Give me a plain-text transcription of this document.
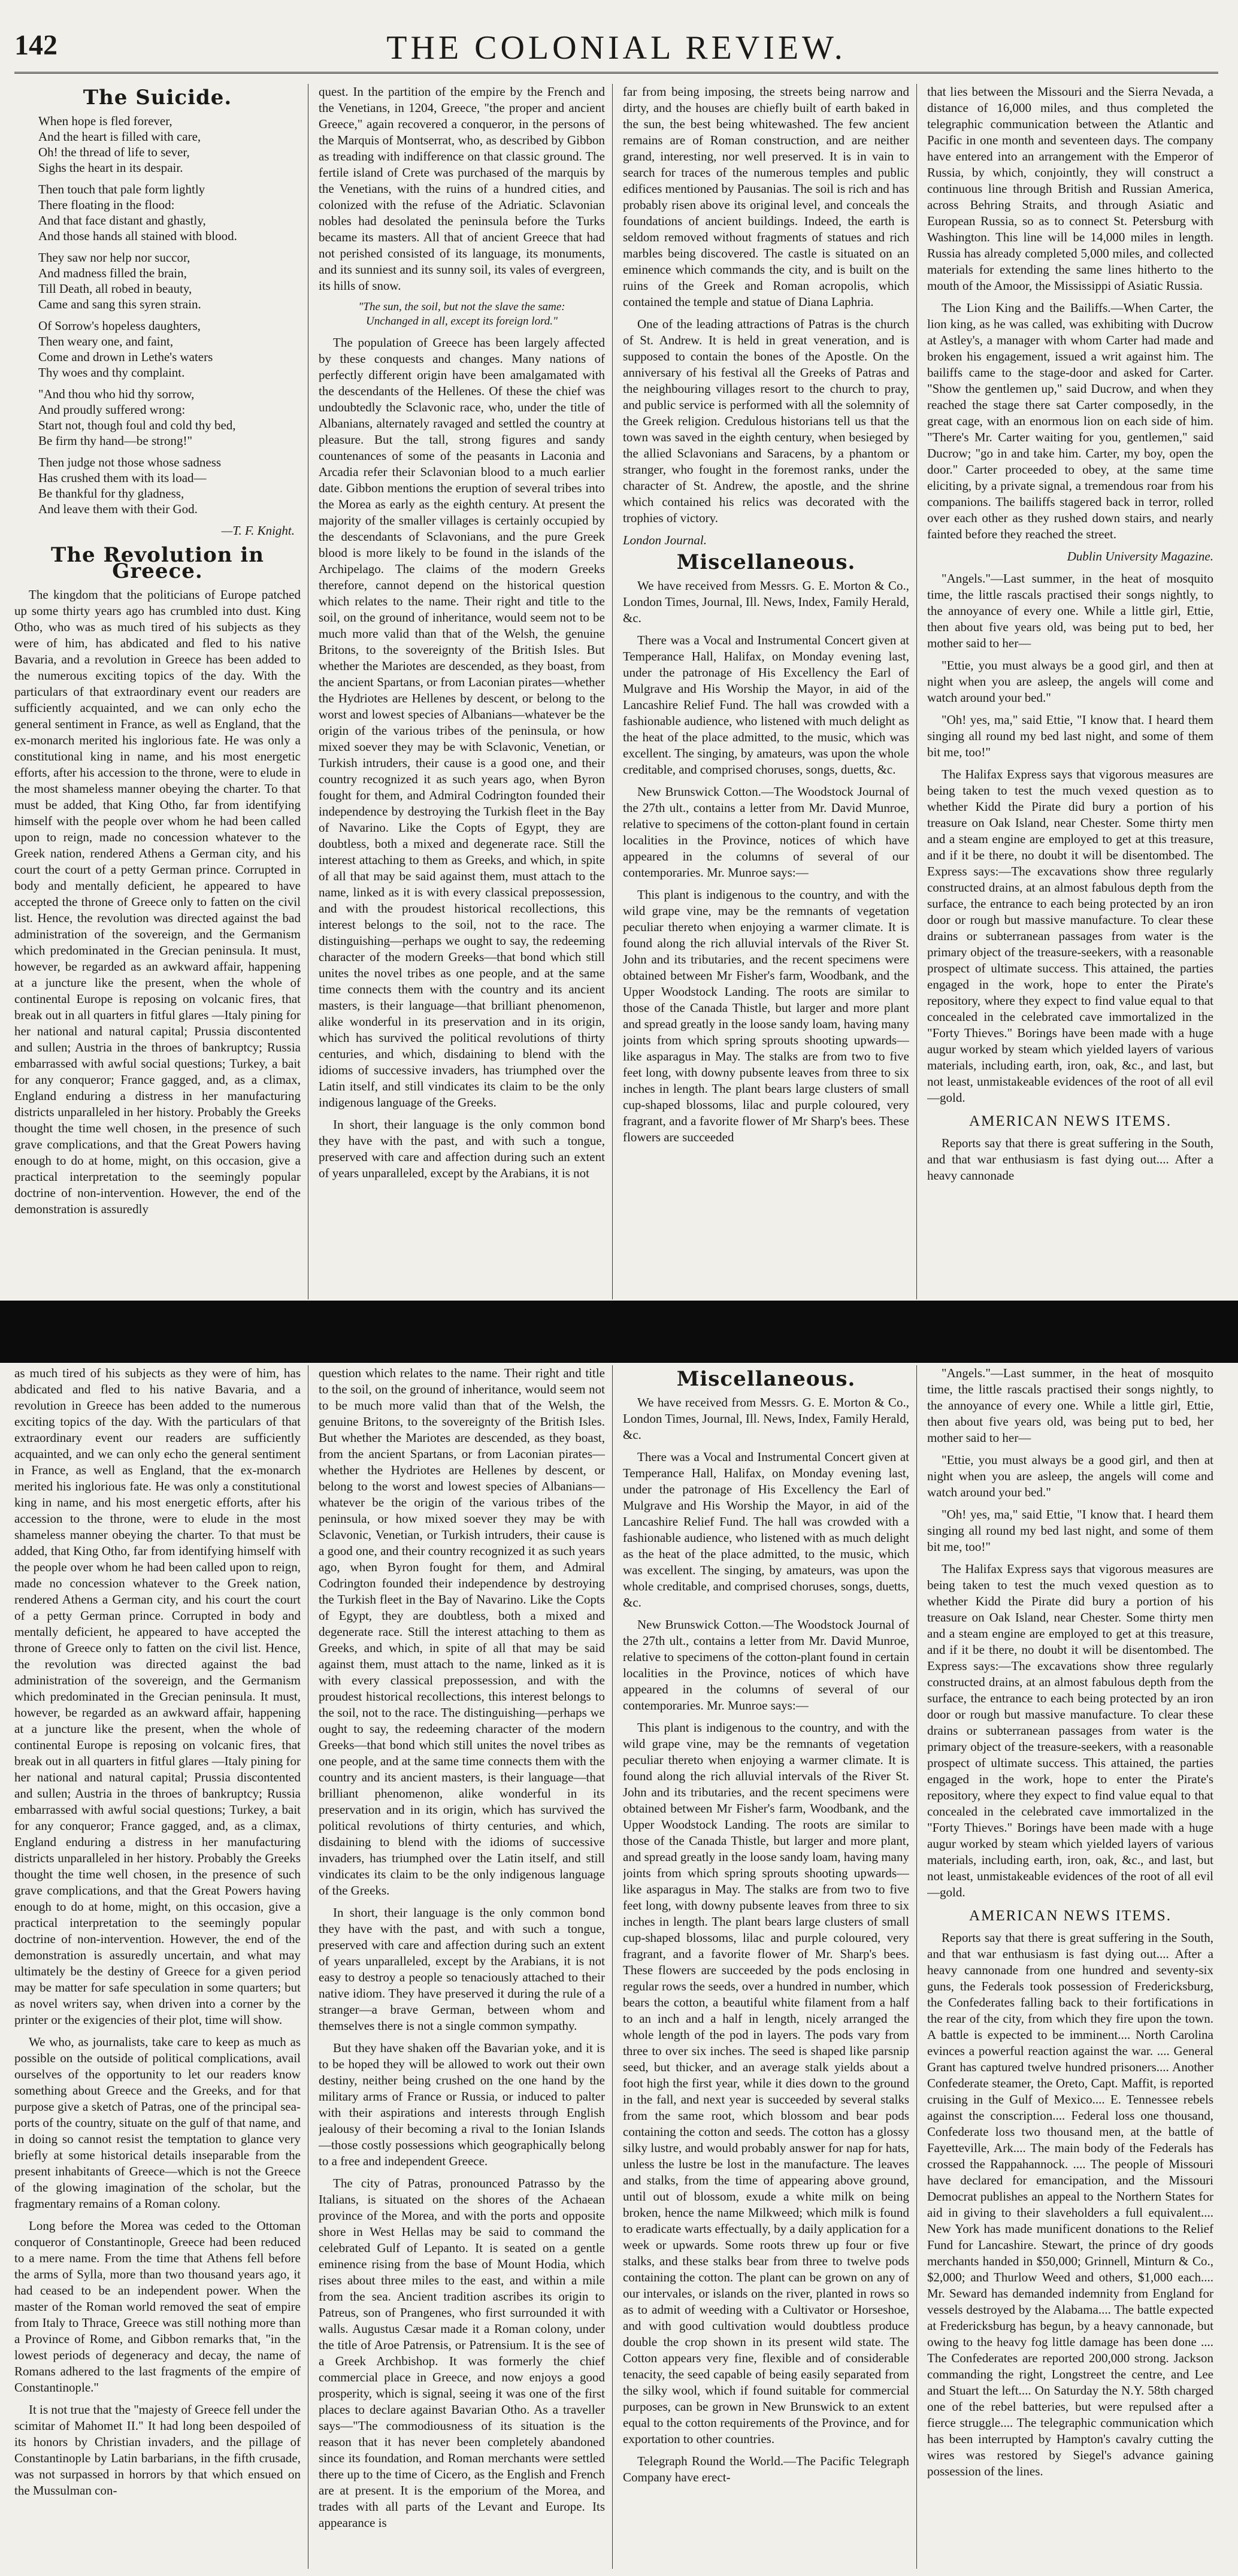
142	THE COLONIAL REVIEW.
The Suicide.
When hope is fled forever,
And the heart is filled with care,
Oh! the thread of life to sever,
Sighs the heart in its despair.
Then touch that pale form lightly
There floating in the flood:
And that face distant and ghastly,
And those hands all stained with blood.
They saw nor help nor succor,
And madness filled the brain,
Till Death, all robed in beauty,
Came and sang this syren strain.
Of Sorrow's hopeless daughters,
Then weary one, and faint,
Come and drown in Lethe's waters
Thy woes and thy complaint.
"And thou who hid thy sorrow,
And proudly suffered wrong:
Start not, though foul and cold thy bed,
Be firm thy hand—be strong!"
Then judge not those whose sadness
Has crushed them with its load—
Be thankful for thy gladness,
And leave them with their God.
—T. F. Knight.
The Revolution in Greece.

The kingdom that the politicians of Europe patched up some thirty years ago has crumbled into dust. King Otho, who was as much tired of his subjects as they were of him, has abdicated and fled to his native Bavaria, and a revolution in Greece has been added to the numerous exciting topics of the day. With the particulars of that extraordinary event our readers are sufficiently acquainted, and we can only echo the general sentiment in France, as well as England, that the ex-monarch merited his inglorious fate. He was only a constitutional king in name, and his most energetic efforts, after his accession to the throne, were to elude in the most shameless manner obeying the charter. To that must be added, that King Otho, far from identifying himself with the people over whom he had been called upon to reign, made no concession whatever to the Greek nation, rendered Athens a German city, and his court the court of a petty German prince. Corrupted in body and mentally deficient, he appeared to have accepted the throne of Greece only to fatten on the civil list. Hence, the revolution was directed against the bad administration of the sovereign, and the Germanism which predominated in the Grecian peninsula. It must, however, be regarded as an awkward affair, happening at a juncture like the present, when the whole of continental Europe is reposing on volcanic fires, that break out in all quarters in fitful glares —Italy pining for her national and natural capital; Prussia discontented and sullen; Austria in the throes of bankruptcy; Russia embarrassed with awful social questions; Turkey, a bait for any conqueror; France gagged, and, as a climax, England enduring a distress in her manufacturing districts unparalleled in her history. Probably the Greeks thought the time well chosen, in the presence of such grave complications, and that the Great Powers having enough to do at home, might, on this occasion, give a practical interpretation to the seemingly popular doctrine of non-intervention. However, the end of the demonstration is assuredly

quest. In the partition of the empire by the French and the Venetians, in 1204, Greece, "the proper and ancient Greece," again recovered a conqueror, in the persons of the Marquis of Montserrat, who, as described by Gibbon as treading with indifference on that classic ground. The fertile island of Crete was purchased of the marquis by the Venetians, with the ruins of a hundred cities, and colonized with the refuse of the Adriatic. Sclavonian nobles had desolated the peninsula before the Turks became its masters. All that of ancient Greece that had not perished consisted of its language, its monuments, and its sunniest and its sunny soil, its vales of evergreen, its hills of snow.

"The sun, the soil, but not the slave the same: Unchanged in all, except its foreign lord."

The population of Greece has been largely affected by these conquests and changes. Many nations of perfectly different origin have been amalgamated with the descendants of the Hellenes. Of these the chief was undoubtedly the Sclavonic race, who, under the title of Albanians, alternately ravaged and settled the country at pleasure. But the tall, strong figures and sandy countenances of some of the peasants in Laconia and Arcadia refer their Sclavonian blood to a much earlier date. Gibbon mentions the eruption of several tribes into the Morea as early as the eighth century. At present the majority of the smaller villages is certainly occupied by the descendants of Sclavonians, and the pure Greek blood is more likely to be found in the islands of the Archipelago. The claims of the modern Greeks therefore, cannot depend on the historical question which relates to the name. Their right and title to the soil, on the ground of inheritance, would seem not to be much more valid than that of the Welsh, the genuine Britons, to the sovereignty of the British Isles. But whether the Mariotes are descended, as they boast, from the ancient Spartans, or from Laconian pirates—whether the Hydriotes are Hellenes by descent, or belong to the worst and lowest species of Albanians—whatever be the origin of the various tribes of the peninsula, or how mixed soever they may be with Sclavonic, Venetian, or Turkish intruders, their cause is a good one, and their country recognized it as such years ago, when Byron fought for them, and Admiral Codrington founded their independence by destroying the Turkish fleet in the Bay of Navarino. Like the Copts of Egypt, they are doubtless, both a mixed and degenerate race. Still the interest attaching to them as Greeks, and which, in spite of all that may be said against them, must attach to the name, linked as it is with every classical prepossession, and with the proudest historical recollections, this interest belongs to the soil, not to the race. The distinguishing—perhaps we ought to say, the redeeming character of the modern Greeks—that bond which still unites the novel tribes as one people, and at the same time connects them with the country and its ancient masters, is their language—that brilliant phenomenon, alike wonderful in its preservation and in its origin, which has survived the political revolutions of thirty centuries, and which, disdaining to blend with the idioms of successive invaders, has triumphed over the Latin itself, and still vindicates its claim to be the only indigenous language of the Greeks.

In short, their language is the only common bond they have with the past, and with such a tongue, preserved with care and affection during such an extent of years unparalleled, except by the Arabians, it is not

far from being imposing, the streets being narrow and dirty, and the houses are chiefly built of earth baked in the sun, the best being whitewashed. The few ancient remains are of Roman construction, and are neither grand, interesting, nor well preserved. It is in vain to search for traces of the numerous temples and public edifices mentioned by Pausanias. The soil is rich and has probably risen above its original level, and conceals the foundations of ancient buildings. Indeed, the earth is seldom removed without fragments of statues and rich marbles being discovered. The castle is situated on an eminence which commands the city, and is built on the ruins of the Greek and Roman acropolis, which contained the temple and statue of Diana Laphria.

One of the leading attractions of Patras is the church of St. Andrew. It is held in great veneration, and is supposed to contain the bones of the Apostle. On the anniversary of his festival all the Greeks of Patras and the neighbouring villages resort to the church to pray, and public service is performed with all the solemnity of the Greek religion. Credulous historians tell us that the town was saved in the eighth century, when besieged by the allied Sclavonians and Saracens, by a phantom or stranger, who fought in the foremost ranks, under the character of St. Andrew, the apostle, and the shrine which contained his relics was decorated with the trophies of victory.

London Journal.

Miscellaneous.

We have received from Messrs. G. E. Morton & Co., London Times, Journal, Ill. News, Index, Family Herald, &c.

There was a Vocal and Instrumental Concert given at Temperance Hall, Halifax, on Monday evening last, under the patronage of His Excellency the Earl of Mulgrave and His Worship the Mayor, in aid of the Lancashire Relief Fund. The hall was crowded with a fashionable audience, who listened with much delight as the heat of the place admitted, to the music, which was excellent. The singing, by amateurs, was upon the whole creditable, and comprised choruses, songs, duetts, &c.

New Brunswick Cotton.—The Woodstock Journal of the 27th ult., contains a letter from Mr. David Munroe, relative to specimens of the cotton-plant found in certain localities in the Province, notices of which have appeared in the columns of several of our contemporaries. Mr. Munroe says:—

This plant is indigenous to the country, and with the wild grape vine, may be the remnants of vegetation peculiar thereto when enjoying a warmer climate. It is found along the rich alluvial intervals of the River St. John and its tributaries, and the recent specimens were obtained between Mr Fisher's farm, Woodbank, and the Upper Woodstock Landing. The roots are similar to those of the Canada Thistle, but larger and more plant and spread greatly in the loose sandy loam, having many joints from which spring sprouts shooting upwards—like asparagus in May. The stalks are from two to five feet long, with downy pubsente leaves from three to six inches in length. The plant bears large clusters of small cup-shaped blossoms, lilac and purple coloured, very fragrant, and a favorite flower of Mr Sharp's bees. These flowers are succeeded

that lies between the Missouri and the Sierra Nevada, a distance of 16,000 miles, and thus completed the telegraphic communication between the Atlantic and Pacific in one month and seventeen days. The company have entered into an arrangement with the Emperor of Russia, by which, conjointly, they will construct a continuous line through British and Russian America, across Behring Straits, and through Asiatic and European Russia, so as to connect St. Petersburg with Washington. This line will be 14,000 miles in length. Russia has already completed 5,000 miles, and collected materials for extending the same lines hitherto to the mouth of the Amoor, the Mississippi of Asiatic Russia.

The Lion King and the Bailiffs.—When Carter, the lion king, as he was called, was exhibiting with Ducrow at Astley's, a manager with whom Carter had made and broken his engagement, issued a writ against him. The bailiffs came to the stage-door and asked for Carter. "Show the gentlemen up," said Ducrow, and when they reached the stage there sat Carter composedly, in the great cage, with an enormous lion on each side of him. "There's Mr. Carter waiting for you, gentlemen," said Ducrow; "go in and take him. Carter, my boy, open the door." Carter proceeded to obey, at the same time eliciting, by a private signal, a tremendous roar from his companions. The bailiffs stagered back in terror, rolled over each other as they rushed down stairs, and nearly fainted before they reached the street.

Dublin University Magazine.

"Angels."—Last summer, in the heat of mosquito time, the little rascals practised their songs nightly, to the annoyance of every one. While a little girl, Ettie, then about five years old, was being put to bed, her mother said to her—

"Ettie, you must always be a good girl, and then at night when you are asleep, the angels will come and watch around your bed."

"Oh! yes, ma," said Ettie, "I know that. I heard them singing all round my bed last night, and some of them bit me, too!"

The Halifax Express says that vigorous measures are being taken to test the much vexed question as to whether Kidd the Pirate did bury a portion of his treasure on Oak Island, near Chester. Some thirty men and a steam engine are employed to get at this treasure, and if it be there, no doubt it will be disentombed. The Express says:—The excavations show three regularly constructed drains, at an almost fabulous depth from the surface, the entrance to each being protected by an iron door or rough but massive manufacture. To clear these drains or subterranean passages from water is the primary object of the treasure-seekers, with a reasonable prospect of ultimate success. This attained, the parties engaged in the work, hope to enter the Pirate's repository, where they expect to find value equal to that concealed in the celebrated cave immortalized in the "Forty Thieves." Borings have been made with a huge augur worked by steam which yielded layers of various materials, including earth, iron, oak, &c., and last, but not least, unmistakeable evidences of the root of all evil—gold.

AMERICAN NEWS ITEMS.

Reports say that there is great suffering in the South, and that war enthusiasm is fast dying out.... After a heavy cannonade

as much tired of his subjects as they were of him, has abdicated and fled to his native Bavaria, and a revolution in Greece has been added to the numerous exciting topics of the day. With the particulars of that extraordinary event our readers are sufficiently acquainted, and we can only echo the general sentiment in France, as well as England, that the ex-monarch merited his inglorious fate. He was only a constitutional king in name, and his most energetic efforts, after his accession to the throne, were to elude in the most shameless manner obeying the charter. To that must be added, that King Otho, far from identifying himself with the people over whom he had been called upon to reign, made no concession whatever to the Greek nation, rendered Athens a German city, and his court the court of a petty German prince. Corrupted in body and mentally deficient, he appeared to have accepted the throne of Greece only to fatten on the civil list. Hence, the revolution was directed against the bad administration of the sovereign, and the Germanism which predominated in the Grecian peninsula. It must, however, be regarded as an awkward affair, happening at a juncture like the present, when the whole of continental Europe is reposing on volcanic fires, that break out in all quarters in fitful glares —Italy pining for her national and natural capital; Prussia discontented and sullen; Austria in the throes of bankruptcy; Russia embarrassed with awful social questions; Turkey, a bait for any conqueror; France gagged, and, as a climax, England enduring a distress in her manufacturing districts unparalleled in her history. Probably the Greeks thought the time well chosen, in the presence of such grave complications, and that the Great Powers having enough to do at home, might, on this occasion, give a practical interpretation to the seemingly popular doctrine of non-intervention. However, the end of the demonstration is assuredly uncertain, and what may ultimately be the destiny of Greece for a given period may be matter for safe speculation in some quarters; but as novel writers say, when driven into a corner by the printer or the exigencies of their plot, time will show.

We who, as journalists, take care to keep as much as possible on the outside of political complications, avail ourselves of the opportunity to let our readers know something about Greece and the Greeks, and for that purpose give a sketch of Patras, one of the principal sea-ports of the country, situate on the gulf of that name, and in doing so cannot resist the temptation to glance very briefly at some historical details inseparable from the present inhabitants of Greece—which is not the Greece of the glowing imagination of the scholar, but the fragmentary remains of a Roman colony.

Long before the Morea was ceded to the Ottoman conqueror of Constantinople, Greece had been reduced to a mere name. From the time that Athens fell before the arms of Sylla, more than two thousand years ago, it had ceased to be an independent power. When the master of the Roman world removed the seat of empire from Italy to Thrace, Greece was still nothing more than a Province of Rome, and Gibbon remarks that, "in the lowest periods of degeneracy and decay, the name of Romans adhered to the last fragments of the empire of Constantinople."

It is not true that the "majesty of Greece fell under the scimitar of Mahomet II." It had long been despoiled of its honors by Christian invaders, and the pillage of Constantinople by Latin barbarians, in the fifth crusade, was not surpassed in horrors by that which ensued on the Mussulman con-

question which relates to the name. Their right and title to the soil, on the ground of inheritance, would seem not to be much more valid than that of the Welsh, the genuine Britons, to the sovereignty of the British Isles. But whether the Mariotes are descended, as they boast, from the ancient Spartans, or from Laconian pirates—whether the Hydriotes are Hellenes by descent, or belong to the worst and lowest species of Albanians—whatever be the origin of the various tribes of the peninsula, or how mixed soever they may be with Sclavonic, Venetian, or Turkish intruders, their cause is a good one, and their country recognized it as such years ago, when Byron fought for them, and Admiral Codrington founded their independence by destroying the Turkish fleet in the Bay of Navarino. Like the Copts of Egypt, they are doubtless, both a mixed and degenerate race. Still the interest attaching to them as Greeks, and which, in spite of all that may be said against them, must attach to the name, linked as it is with every classical prepossession, and with the proudest historical recollections, this interest belongs to the soil, not to the race. The distinguishing—perhaps we ought to say, the redeeming character of the modern Greeks—that bond which still unites the novel tribes as one people, and at the same time connects them with the country and its ancient masters, is their language—that brilliant phenomenon, alike wonderful in its preservation and in its origin, which has survived the political revolutions of thirty centuries, and which, disdaining to blend with the idioms of successive invaders, has triumphed over the Latin itself, and still vindicates its claim to be the only indigenous language of the Greeks.

In short, their language is the only common bond they have with the past, and with such a tongue, preserved with care and affection during such an extent of years unparalleled, except by the Arabians, it is not easy to destroy a people so tenaciously attached to their native idiom. They have preserved it during the rule of a stranger—a brave German, between whom and themselves there is not a single common sympathy.

But they have shaken off the Bavarian yoke, and it is to be hoped they will be allowed to work out their own destiny, neither being crushed on the one hand by the military arms of France or Russia, or induced to palter with their aspirations and interests through English jealousy of their becoming a rival to the Ionian Islands—those costly possessions which geographically belong to a free and independent Greece.

The city of Patras, pronounced Patrasso by the Italians, is situated on the shores of the Achaean province of the Morea, and with the ports and opposite shore in West Hellas may be said to command the celebrated Gulf of Lepanto. It is seated on a gentle eminence rising from the base of Mount Hodia, which rises about three miles to the east, and within a mile from the sea. Ancient tradition ascribes its origin to Patreus, son of Prangenes, who first surrounded it with walls. Augustus Cæsar made it a Roman colony, under the title of Aroe Patrensis, or Patrensium. It is the see of a Greek Archbishop. It was formerly the chief commercial place in Greece, and now enjoys a good prosperity, which is signal, seeing it was one of the first places to declare against Bavarian Otho. As a traveller says—"The commodiousness of its situation is the reason that it has never been completely abandoned since its foundation, and Roman merchants were settled there up to the time of Cicero, as the English and French are at present. It is the emporium of the Morea, and trades with all parts of the Levant and Europe. Its appearance is

Miscellaneous.

We have received from Messrs. G. E. Morton & Co., London Times, Journal, Ill. News, Index, Family Herald, &c.

There was a Vocal and Instrumental Concert given at Temperance Hall, Halifax, on Monday evening last, under the patronage of His Excellency the Earl of Mulgrave and His Worship the Mayor, in aid of the Lancashire Relief Fund. The hall was crowded with a fashionable audience, who listened with as much delight as the heat of the place admitted, to the music, which was excellent. The singing, by amateurs, was upon the whole creditable, and comprised choruses, songs, duetts, &c.

New Brunswick Cotton.—The Woodstock Journal of the 27th ult., contains a letter from Mr. David Munroe, relative to specimens of the cotton-plant found in certain localities in the Province, notices of which have appeared in the columns of several of our contemporaries. Mr. Munroe says:—

This plant is indigenous to the country, and with the wild grape vine, may be the remnants of vegetation peculiar thereto when enjoying a warmer climate. It is found along the rich alluvial intervals of the River St. John and its tributaries, and the recent specimens were obtained between Mr Fisher's farm, Woodbank, and the Upper Woodstock Landing. The roots are similar to those of the Canada Thistle, but larger and more plant, and spread greatly in the loose sandy loam, having many joints from which spring sprouts shooting upwards—like asparagus in May. The stalks are from two to five feet long, with downy pubsente leaves from three to six inches in length. The plant bears large clusters of small cup-shaped blossoms, lilac and purple coloured, very fragrant, and a favorite flower of Mr. Sharp's bees. These flowers are succeeded by the pods enclosing in regular rows the seeds, over a hundred in number, which bears the cotton, a beautiful white filament from a half to an inch and a half in length, nicely arranged the whole length of the pod in layers. The pods vary from three to over six inches. The seed is shaped like parsnip seed, but thicker, and an average stalk yields about a foot high the first year, while it dies down to the ground in the fall, and next year is succeeded by several stalks from the same root, which blossom and bear pods containing the cotton and seeds. The cotton has a glossy silky lustre, and would probably answer for nap for hats, unless the lustre be lost in the manufacture. The leaves and stalks, from the time of appearing above ground, until out of blossom, exude a white milk on being broken, hence the name Milkweed; which milk is found to eradicate warts effectually, by a daily application for a week or upwards. Some roots threw up four or five stalks, and these stalks bear from three to twelve pods containing the cotton. The plant can be grown on any of our intervales, or islands on the river, planted in rows so as to admit of weeding with a Cultivator or Horseshoe, and with good cultivation would doubtless produce double the crop shown in its present wild state. The Cotton appears very fine, flexible and of considerable tenacity, the seed capable of being easily separated from the silky wool, which if found suitable for commercial purposes, can be grown in New Brunswick to an extent equal to the cotton requirements of the Province, and for exportation to other countries.

Telegraph Round the World.—The Pacific Telegraph Company have erect-

"Angels."—Last summer, in the heat of mosquito time, the little rascals practised their songs nightly, to the annoyance of every one. While a little girl, Ettie, then about five years old, was being put to bed, her mother said to her—

"Ettie, you must always be a good girl, and then at night when you are asleep, the angels will come and watch around your bed."

"Oh! yes, ma," said Ettie, "I know that. I heard them singing all round my bed last night, and some of them bit me, too!"

The Halifax Express says that vigorous measures are being taken to test the much vexed question as to whether Kidd the Pirate did bury a portion of his treasure on Oak Island, near Chester. Some thirty men and a steam engine are employed to get at this treasure, and if it be there, no doubt it will be disentombed. The Express says:—The excavations show three regularly constructed drains, at an almost fabulous depth from the surface, the entrance to each being protected by an iron door or rough but massive manufacture. To clear these drains or subterranean passages from water is the primary object of the treasure-seekers, with a reasonable prospect of ultimate success. This attained, the parties engaged in the work, hope to enter the Pirate's repository, where they expect to find value equal to that concealed in the celebrated cave immortalized in the "Forty Thieves." Borings have been made with a huge augur worked by steam which yielded layers of various materials, including earth, iron, oak, &c., and last, but not least, unmistakeable evidences of the root of all evil—gold.

AMERICAN NEWS ITEMS.

Reports say that there is great suffering in the South, and that war enthusiasm is fast dying out.... After a heavy cannonade from one hundred and seventy-six guns, the Federals took possession of Fredericksburg, the Confederates falling back to their fortifications in the rear of the city, from which they fire upon the town. A battle is expected to be imminent.... North Carolina evinces a powerful reaction against the war. .... General Grant has captured twelve hundred prisoners.... Another Confederate steamer, the Oreto, Capt. Maffit, is reported cruising in the Gulf of Mexico.... E. Tennessee rebels against the conscription.... Federal loss one thousand, Confederate loss two thousand men, at the battle of Fayetteville, Ark.... The main body of the Federals has crossed the Rappahannock. .... The people of Missouri have declared for emancipation, and the Missouri Democrat publishes an appeal to the Northern States for aid in giving to their slaveholders a full equivalent.... New York has made munificent donations to the Relief Fund for Lancashire. Stewart, the prince of dry goods merchants handed in $50,000; Grinnell, Minturn & Co., $2,000; and Thurlow Weed and others, $1,000 each.... Mr. Seward has demanded indemnity from England for vessels destroyed by the Alabama.... The battle expected at Fredericksburg has begun, by a heavy cannonade, but owing to the heavy fog little damage has been done .... The Confederates are reported 200,000 strong. Jackson commanding the right, Longstreet the centre, and Lee and Stuart the left.... On Saturday the N.Y. 58th charged one of the rebel batteries, but were repulsed after a fierce struggle.... The telegraphic communication which has been interrupted by Hampton's cavalry cutting the wires was restored by Siegel's advance gaining possession of the lines.
